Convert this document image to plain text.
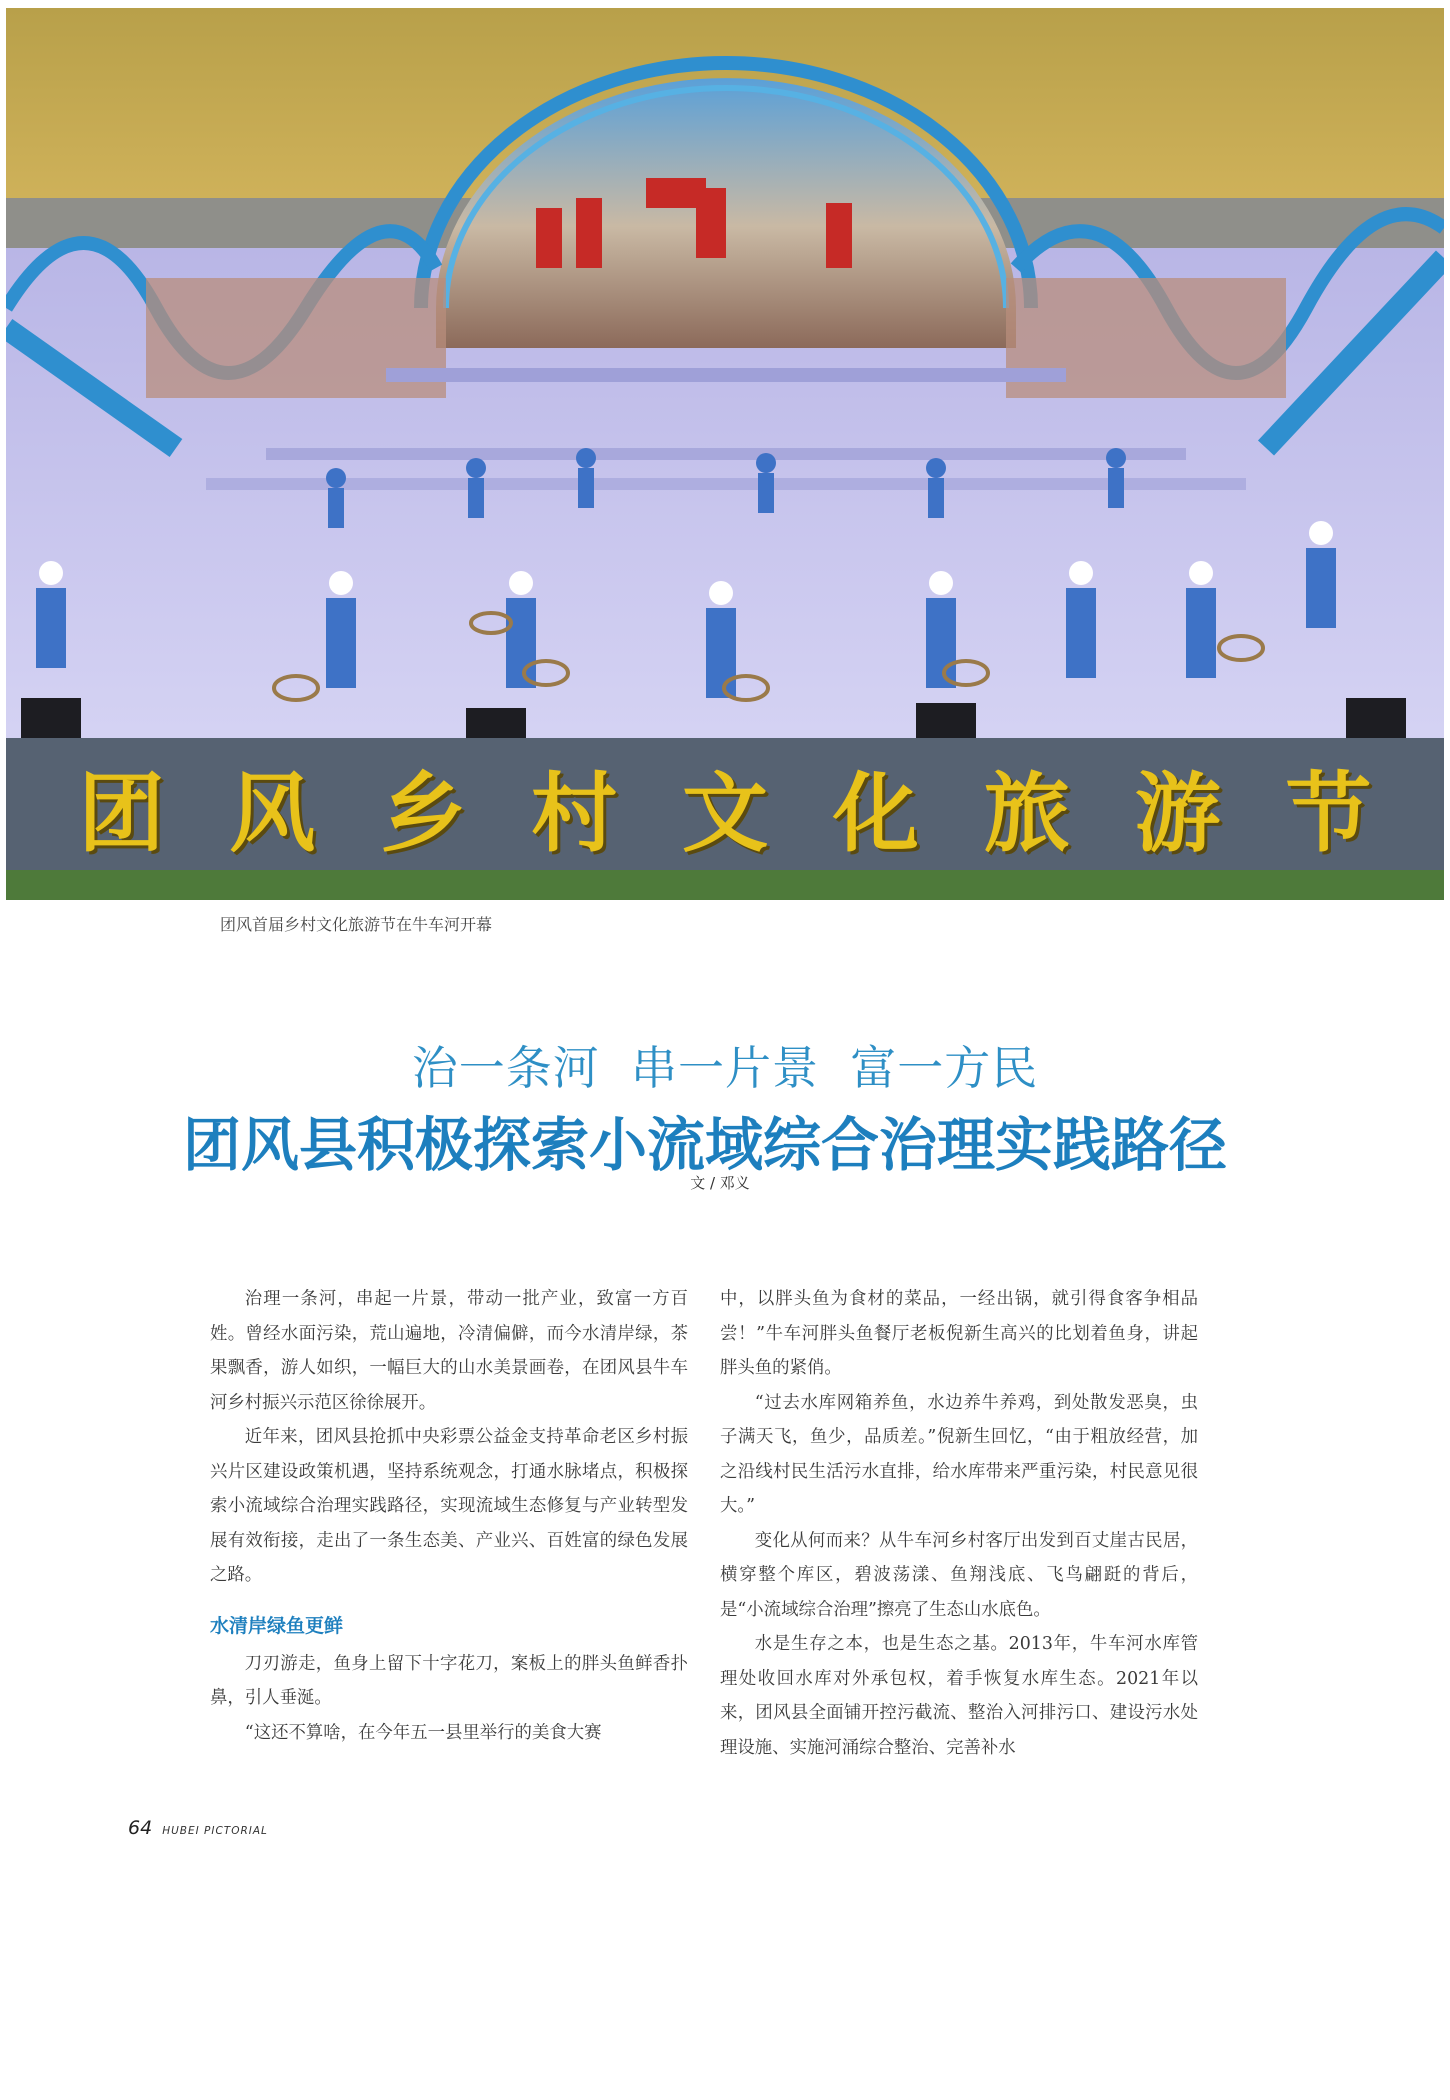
团 风 乡 村 文 化 旅 游 节
团风首届乡村文化旅游节在牛车河开幕
治一条河  串一片景  富一方民
团风县积极探索小流域综合治理实践路径
文 / 邓义

治理一条河，串起一片景，带动一批产业，致富一方百姓。曾经水面污染，荒山遍地，冷清偏僻，而今水清岸绿，茶果飘香，游人如织，一幅巨大的山水美景画卷，在团风县牛车河乡村振兴示范区徐徐展开。

近年来，团风县抢抓中央彩票公益金支持革命老区乡村振兴片区建设政策机遇，坚持系统观念，打通水脉堵点，积极探索小流域综合治理实践路径，实现流域生态修复与产业转型发展有效衔接，走出了一条生态美、产业兴、百姓富的绿色发展之路。

水清岸绿鱼更鲜

刀刃游走，鱼身上留下十字花刀，案板上的胖头鱼鲜香扑鼻，引人垂涎。

“这还不算啥，在今年五一县里举行的美食大赛

中，以胖头鱼为食材的菜品，一经出锅，就引得食客争相品尝！”牛车河胖头鱼餐厅老板倪新生高兴的比划着鱼身，讲起胖头鱼的紧俏。

“过去水库网箱养鱼，水边养牛养鸡，到处散发恶臭，虫子满天飞，鱼少，品质差。”倪新生回忆，“由于粗放经营，加之沿线村民生活污水直排，给水库带来严重污染，村民意见很大。”

变化从何而来？从牛车河乡村客厅出发到百丈崖古民居，横穿整个库区，碧波荡漾、鱼翔浅底、飞鸟翩跹的背后，是“小流域综合治理”擦亮了生态山水底色。

水是生存之本，也是生态之基。2013年，牛车河水库管理处收回水库对外承包权，着手恢复水库生态。2021年以来，团风县全面铺开控污截流、整治入河排污口、建设污水处理设施、实施河涌综合整治、完善补水

64 HUBEI PICTORIAL
